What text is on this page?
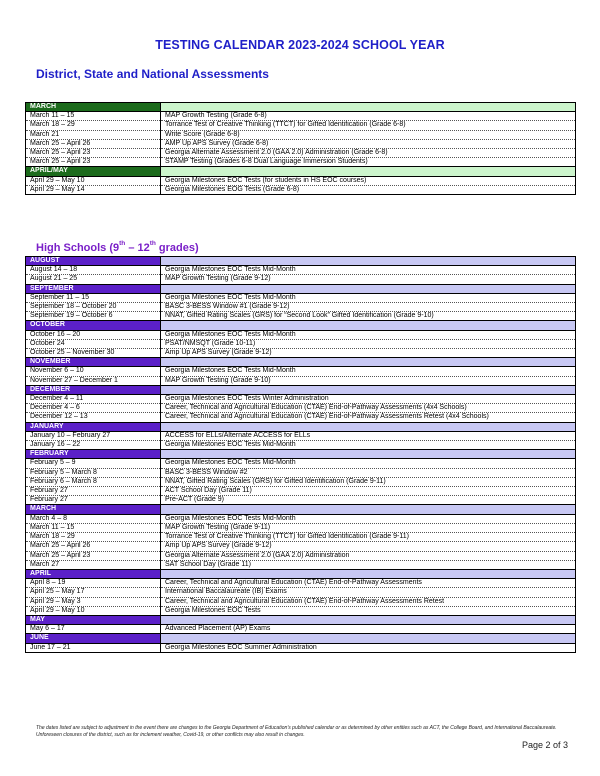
TESTING CALENDAR 2023-2024 SCHOOL YEAR
District, State and National Assessments
MARCH	
March 11 – 15	MAP Growth Testing (Grade 6-8)
March 18 – 29	Torrance Test of Creative Thinking (TTCT) for Gifted Identification (Grade 6-8)
March 21	Write Score (Grade 6-8)
March 25 – April 26	AMP Up APS Survey (Grade 6-8)
March 25 – April 23	Georgia Alternate Assessment 2.0 (GAA 2.0) Administration (Grade 6-8)
March 25 – April 23	STAMP Testing (Grades 6-8 Dual Language Immersion Students)
APRIL/MAY	
April 29 – May 10	Georgia Milestones EOC Tests (for students in HS EOC courses)
April 29 – May 14	Georgia Milestones EOG Tests (Grade 6-8)
High Schools (9th – 12th grades)
AUGUST	
August 14 – 18	Georgia Milestones EOC Tests Mid-Month
August 21 – 25	MAP Growth Testing (Grade 9-12)
SEPTEMBER	
September 11 – 15	Georgia Milestones EOC Tests Mid-Month
September 18 – October 20	BASC 3-BESS Window #1 (Grade 9-12)
September 19 – October 6	NNAT, Gifted Rating Scales (GRS) for “Second Look” Gifted Identification (Grade 9-10)
OCTOBER	
October 16 – 20	Georgia Milestones EOC Tests Mid-Month
October 24	PSAT/NMSQT (Grade 10-11)
October 25 – November 30	Amp Up APS Survey (Grade 9-12)
NOVEMBER	
November 6 – 10	Georgia Milestones EOC Tests Mid-Month
November 27 – December 1	MAP Growth Testing (Grade 9-10)
DECEMBER	
December 4 – 11	Georgia Milestones EOC Tests Winter Administration
December 4 – 6	Career, Technical and Agricultural Education (CTAE) End-of-Pathway Assessments (4x4 Schools)
December 12 – 13	Career, Technical and Agricultural Education (CTAE) End-of-Pathway Assessments Retest (4x4 Schools)
JANUARY	
January 10 – February 27	ACCESS for ELLs/Alternate ACCESS for ELLs
January 16 – 22	Georgia Milestones EOC Tests Mid-Month
FEBRUARY	
February 5 – 9	Georgia Milestones EOC Tests Mid-Month
February 5 – March 8	BASC 3-BESS Window #2
February 6 – March 8	NNAT, Gifted Rating Scales (GRS) for Gifted Identification (Grade 9-11)
February 27	ACT School Day (Grade 11)
February 27	Pre-ACT (Grade 9)
MARCH	
March 4 – 8	Georgia Milestones EOC Tests Mid-Month
March 11 – 15	MAP Growth Testing (Grade 9-11)
March 18 – 29	Torrance Test of Creative Thinking (TTCT) for Gifted Identification (Grade 9-11)
March 25 – April 26	Amp Up APS Survey (Grade 9-12)
March 25 – April 23	Georgia Alternate Assessment 2.0 (GAA 2.0) Administration
March 27	SAT School Day (Grade 11)
APRIL	
April 8 – 19	Career, Technical and Agricultural Education (CTAE) End-of-Pathway Assessments
April 25 – May 17	International Baccalaureate (IB) Exams
April 29 – May 3	Career, Technical and Agricultural Education (CTAE) End-of-Pathway Assessments Retest
April 29 – May 10	Georgia Milestones EOC Tests
MAY	
May 6 – 17	Advanced Placement (AP) Exams
JUNE	
June 17 – 21	Georgia Milestones EOC Summer Administration
The dates listed are subject to adjustment in the event there are changes to the Georgia Department of Education’s published calendar or as determined by other entities such as ACT, the College Board, and International Baccalaureate. Unforeseen closures of the district, such as for inclement weather, Covid-19, or other conflicts may also result in changes.
Page 2 of 3
